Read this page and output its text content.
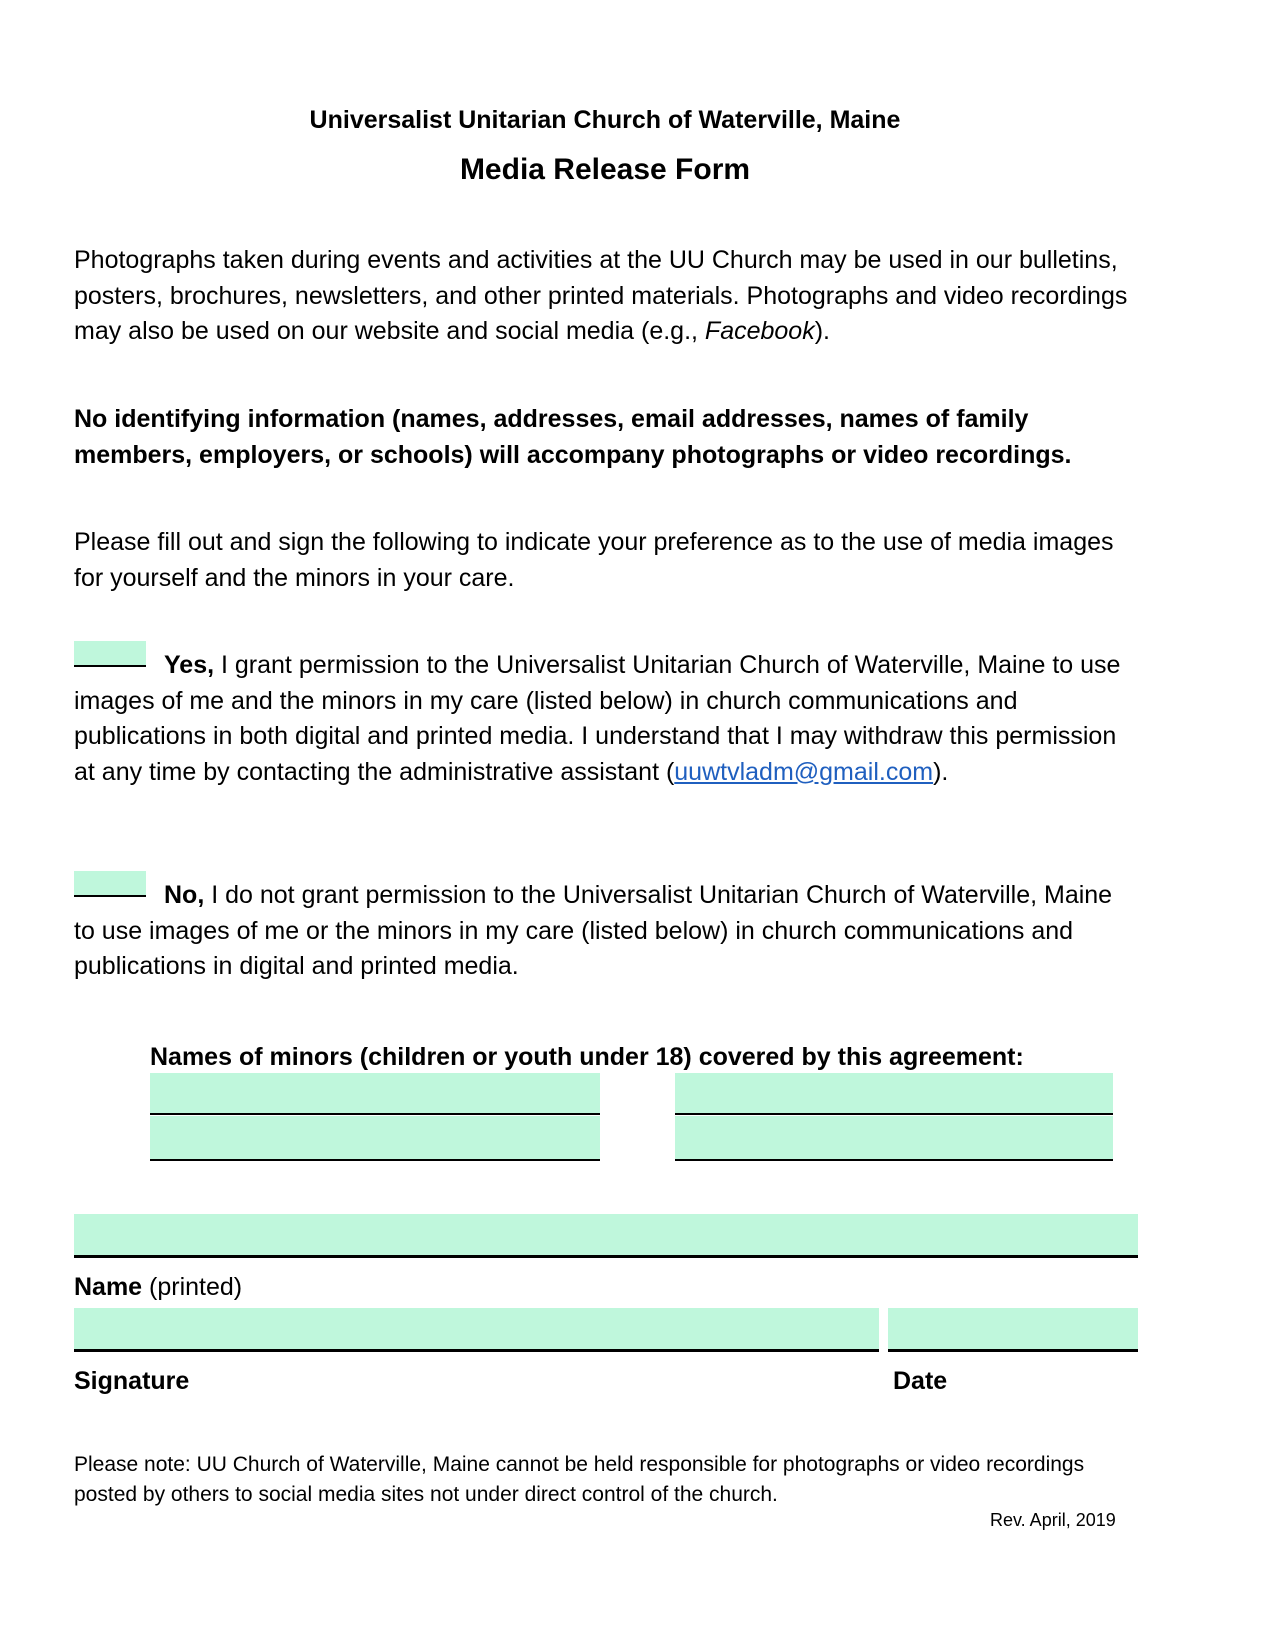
Universalist Unitarian Church of Waterville, Maine
Media Release Form
Photographs taken during events and activities at the UU Church may be used in our bulletins, posters, brochures, newsletters, and other printed materials. Photographs and video recordings may also be used on our website and social media (e.g., Facebook).
No identifying information (names, addresses, email addresses, names of family members, employers, or schools) will accompany photographs or video recordings.
Please fill out and sign the following to indicate your preference as to the use of media images for yourself and the minors in your care.
Yes, I grant permission to the Universalist Unitarian Church of Waterville, Maine to use images of me and the minors in my care (listed below) in church communications and publications in both digital and printed media. I understand that I may withdraw this permission at any time by contacting the administrative assistant (uuwtvladm@gmail.com).
No, I do not grant permission to the Universalist Unitarian Church of Waterville, Maine to use images of me or the minors in my care (listed below) in church communications and publications in digital and printed media.
Names of minors (children or youth under 18) covered by this agreement:
Name (printed)
Signature	Date
Please note: UU Church of Waterville, Maine cannot be held responsible for photographs or video recordings posted by others to social media sites not under direct control of the church.
Rev. April, 2019
